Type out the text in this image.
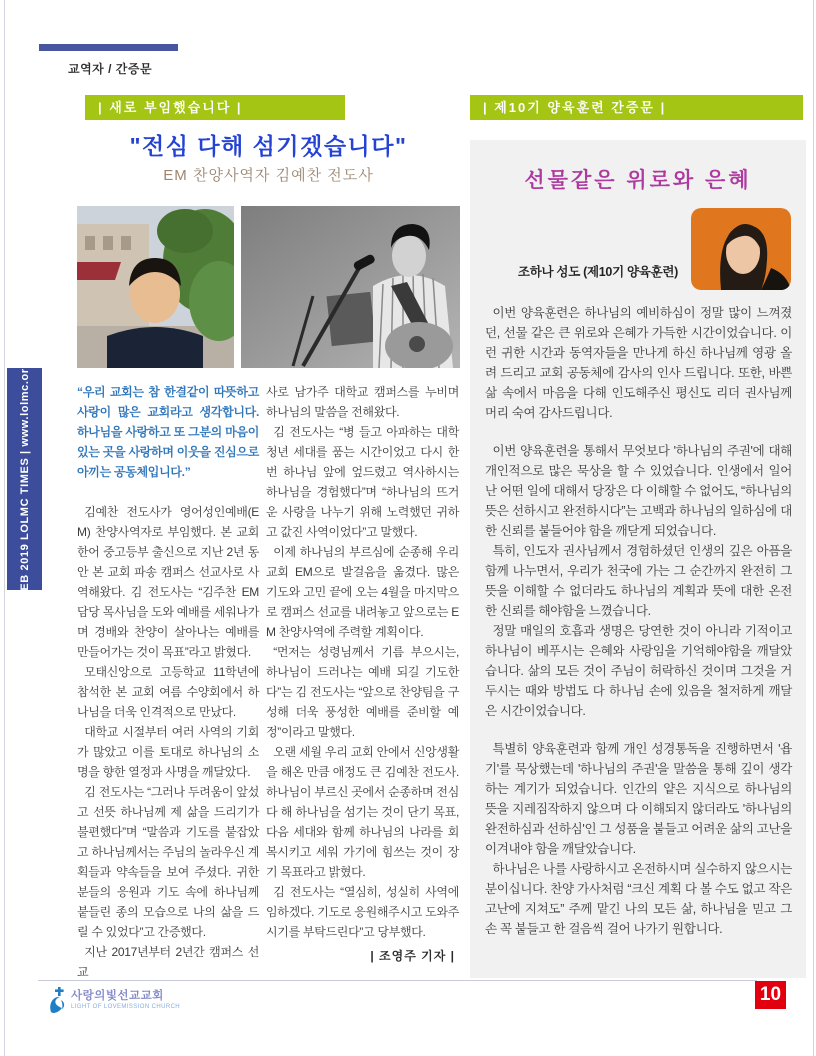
교역자 / 간증문
FEB 2019 LOLMC TIMES | www.lolmc.org
| 새로 부임했습니다 |	| 제10기 양육훈련 간증문 |
"전심 다해 섬기겠습니다"
EM 찬양사역자 김예찬 전도사

“우리 교회는 참 한결같이 따뜻하고 사랑이 많은 교회라고 생각합니다. 하나님을 사랑하고 또 그분의 마음이 있는 곳을 사랑하며 이웃을 진심으로 아끼는 공동체입니다.”

김예찬 전도사가 영어성인예배(EM) 찬양사역자로 부임했다. 본 교회 한어 중고등부 출신으로 지난 2년 동안 본 교회 파송 캠퍼스 선교사로 사역해왔다. 김 전도사는 “김주찬 EM 담당 목사님을 도와 예배를 세워나가며 경배와 찬양이 살아나는 예배를 만들어가는 것이 목표”라고 밝혔다.

모태신앙으로 고등학교 11학년에 참석한 본 교회 여름 수양회에서 하나님을 더욱 인격적으로 만났다.

대학교 시절부터 여러 사역의 기회가 많았고 이를 토대로 하나님의 소명을 향한 열정과 사명을 깨달았다.

김 전도사는 “그러나 두려움이 앞섰고 선뜻 하나님께 제 삶을 드리기가 불편했다”며 “말씀과 기도를 붙잡았고 하나님께서는 주님의 놀라우신 계획들과 약속들을 보여 주셨다. 귀한 분들의 응원과 기도 속에 하나님께 붙들린 종의 모습으로 나의 삶을 드릴 수 있었다”고 간증했다.

지난 2017년부터 2년간 캠퍼스 선교

사로 남가주 대학교 캠퍼스를 누비며 하나님의 말씀을 전해왔다.

김 전도사는 “병 들고 아파하는 대학 청년 세대를 품는 시간이었고 다시 한번 하나님 앞에 엎드렸고 역사하시는 하나님을 경험했다”며 “하나님의 뜨거운 사랑을 나누기 위해 노력했던 귀하고 값진 사역이었다”고 말했다.

이제 하나님의 부르심에 순종해 우리 교회 EM으로 발걸음을 옮겼다. 많은 기도와 고민 끝에 오는 4월을 마지막으로 캠퍼스 선교를 내려놓고 앞으로는 EM 찬양사역에 주력할 계획이다.

“먼저는 성령님께서 기름 부으시는, 하나님이 드러나는 예배 되길 기도한다”는 김 전도사는 “앞으로 찬양팀을 구성해 더욱 풍성한 예배를 준비할 예정”이라고 말했다.

오랜 세월 우리 교회 안에서 신앙생활을 해온 만큼 애정도 큰 김예찬 전도사. 하나님이 부르신 곳에서 순종하며 전심 다 해 하나님을 섬기는 것이 단기 목표, 다음 세대와 함께 하나님의 나라를 회복시키고 세워 가기에 힘쓰는 것이 장기 목표라고 밝혔다.

김 전도사는 “열심히, 성실히 사역에 임하겠다. 기도로 응원해주시고 도와주시기를 부탁드린다”고 당부했다.

| 조영주 기자 |

선물같은 위로와 은혜
조하나 성도 (제10기 양육훈련)

이번 양육훈련은 하나님의 예비하심이 정말 많이 느껴졌던, 선물 같은 큰 위로와 은혜가 가득한 시간이었습니다. 이런 귀한 시간과 동역자들을 만나게 하신 하나님께 영광 올려 드리고 교회 공동체에 감사의 인사 드립니다. 또한, 바쁜 삶 속에서 마음을 다해 인도해주신 평신도 리더 권사님께 머리 숙여 감사드립니다.

이번 양육훈련을 통해서 무엇보다 '하나님의 주권'에 대해 개인적으로 많은 묵상을 할 수 있었습니다. 인생에서 일어난 어떤 일에 대해서 당장은 다 이해할 수 없어도, “하나님의 뜻은 선하시고 완전하시다”는 고백과 하나님의 일하심에 대한 신뢰를 붙들어야 함을 깨닫게 되었습니다.

특히, 인도자 권사님께서 경험하셨던 인생의 깊은 아픔을 함께 나누면서, 우리가 천국에 가는 그 순간까지 완전히 그 뜻을 이해할 수 없더라도 하나님의 계획과 뜻에 대한 온전한 신뢰를 해야함을 느꼈습니다.

정말 매일의 호흡과 생명은 당연한 것이 아니라 기적이고 하나님이 베푸시는 은혜와 사랑임을 기억해야함을 깨달았습니다. 삶의 모든 것이 주님이 허락하신 것이며 그것을 거두시는 때와 방법도 다 하나님 손에 있음을 철저하게 깨달은 시간이었습니다.

특별히 양육훈련과 함께 개인 성경통독을 진행하면서 '욥기'를 묵상했는데 '하나님의 주권'을 말씀을 통해 깊이 생각하는 계기가 되었습니다. 인간의 얕은 지식으로 하나님의 뜻을 지레짐작하지 않으며 다 이해되지 않더라도 '하나님의 완전하심과 선하심'인 그 성품을 붙들고 어려운 삶의 고난을 이겨내야 함을 깨달았습니다.

하나님은 나를 사랑하시고 온전하시며 실수하지 않으시는 분이십니다. 찬양 가사처럼 “크신 계획 다 볼 수도 없고 작은 고난에 지쳐도” 주께 맡긴 나의 모든 삶, 하나님을 믿고 그 손 꼭 붙들고 한 걸음씩 걸어 나가기 원합니다.

사랑의빛선교교회
LIGHT OF LOVEMISSION CHURCH
10
